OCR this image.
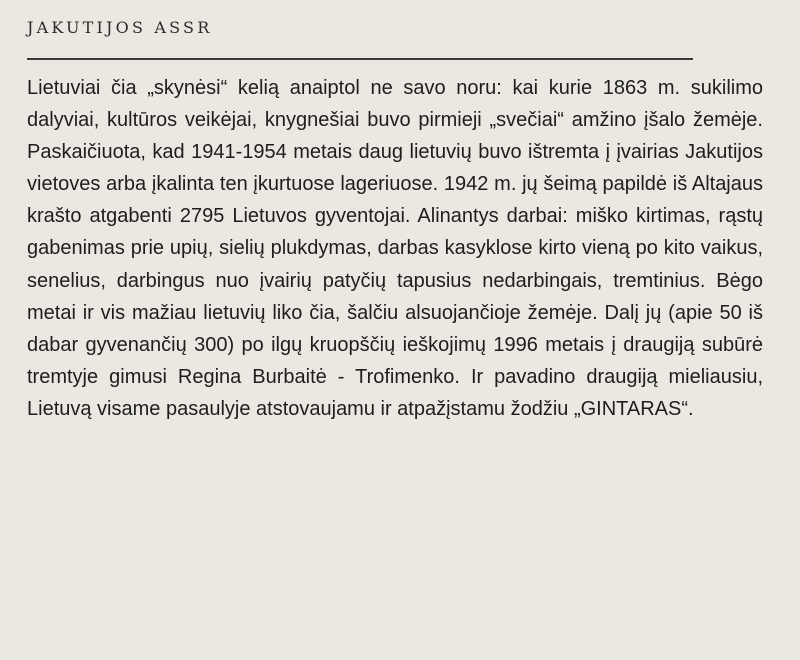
JAKUTIJOS ASSR

Lietuviai čia „skynėsi“ kelią anaiptol ne savo noru: kai kurie 1863 m. sukilimo dalyviai, kultūros veikėjai, knygnešiai buvo pirmieji „svečiai“ amžino įšalo žemėje. Paskaičiuota, kad 1941-1954 metais daug lietuvių buvo ištremta į įvairias Jakutijos vietoves arba įkalinta ten įkurtuose lageriuose. 1942 m. jų šeimą papildė iš Altajaus krašto atgabenti 2795 Lietuvos gyventojai. Alinantys darbai: miško kirtimas, rąstų gabenimas prie upių, sielių plukdymas, darbas kasyklose kirto vieną po kito vaikus, senelius, darbingus nuo įvairių patyčių tapusius nedarbingais, tremtinius. Bėgo metai ir vis mažiau lietuvių liko čia, šalčiu alsuojančioje žemėje. Dalį jų (apie 50 iš dabar gyvenančių 300) po ilgų kruopščių ieškojimų 1996 metais į draugiją subūrė tremtyje gimusi Regina Burbaitė - Trofimenko. Ir pavadino draugiją mieliausiu, Lietuvą visame pasaulyje atstovaujamu ir atpažįstamu žodžiu „GINTARAS“.
